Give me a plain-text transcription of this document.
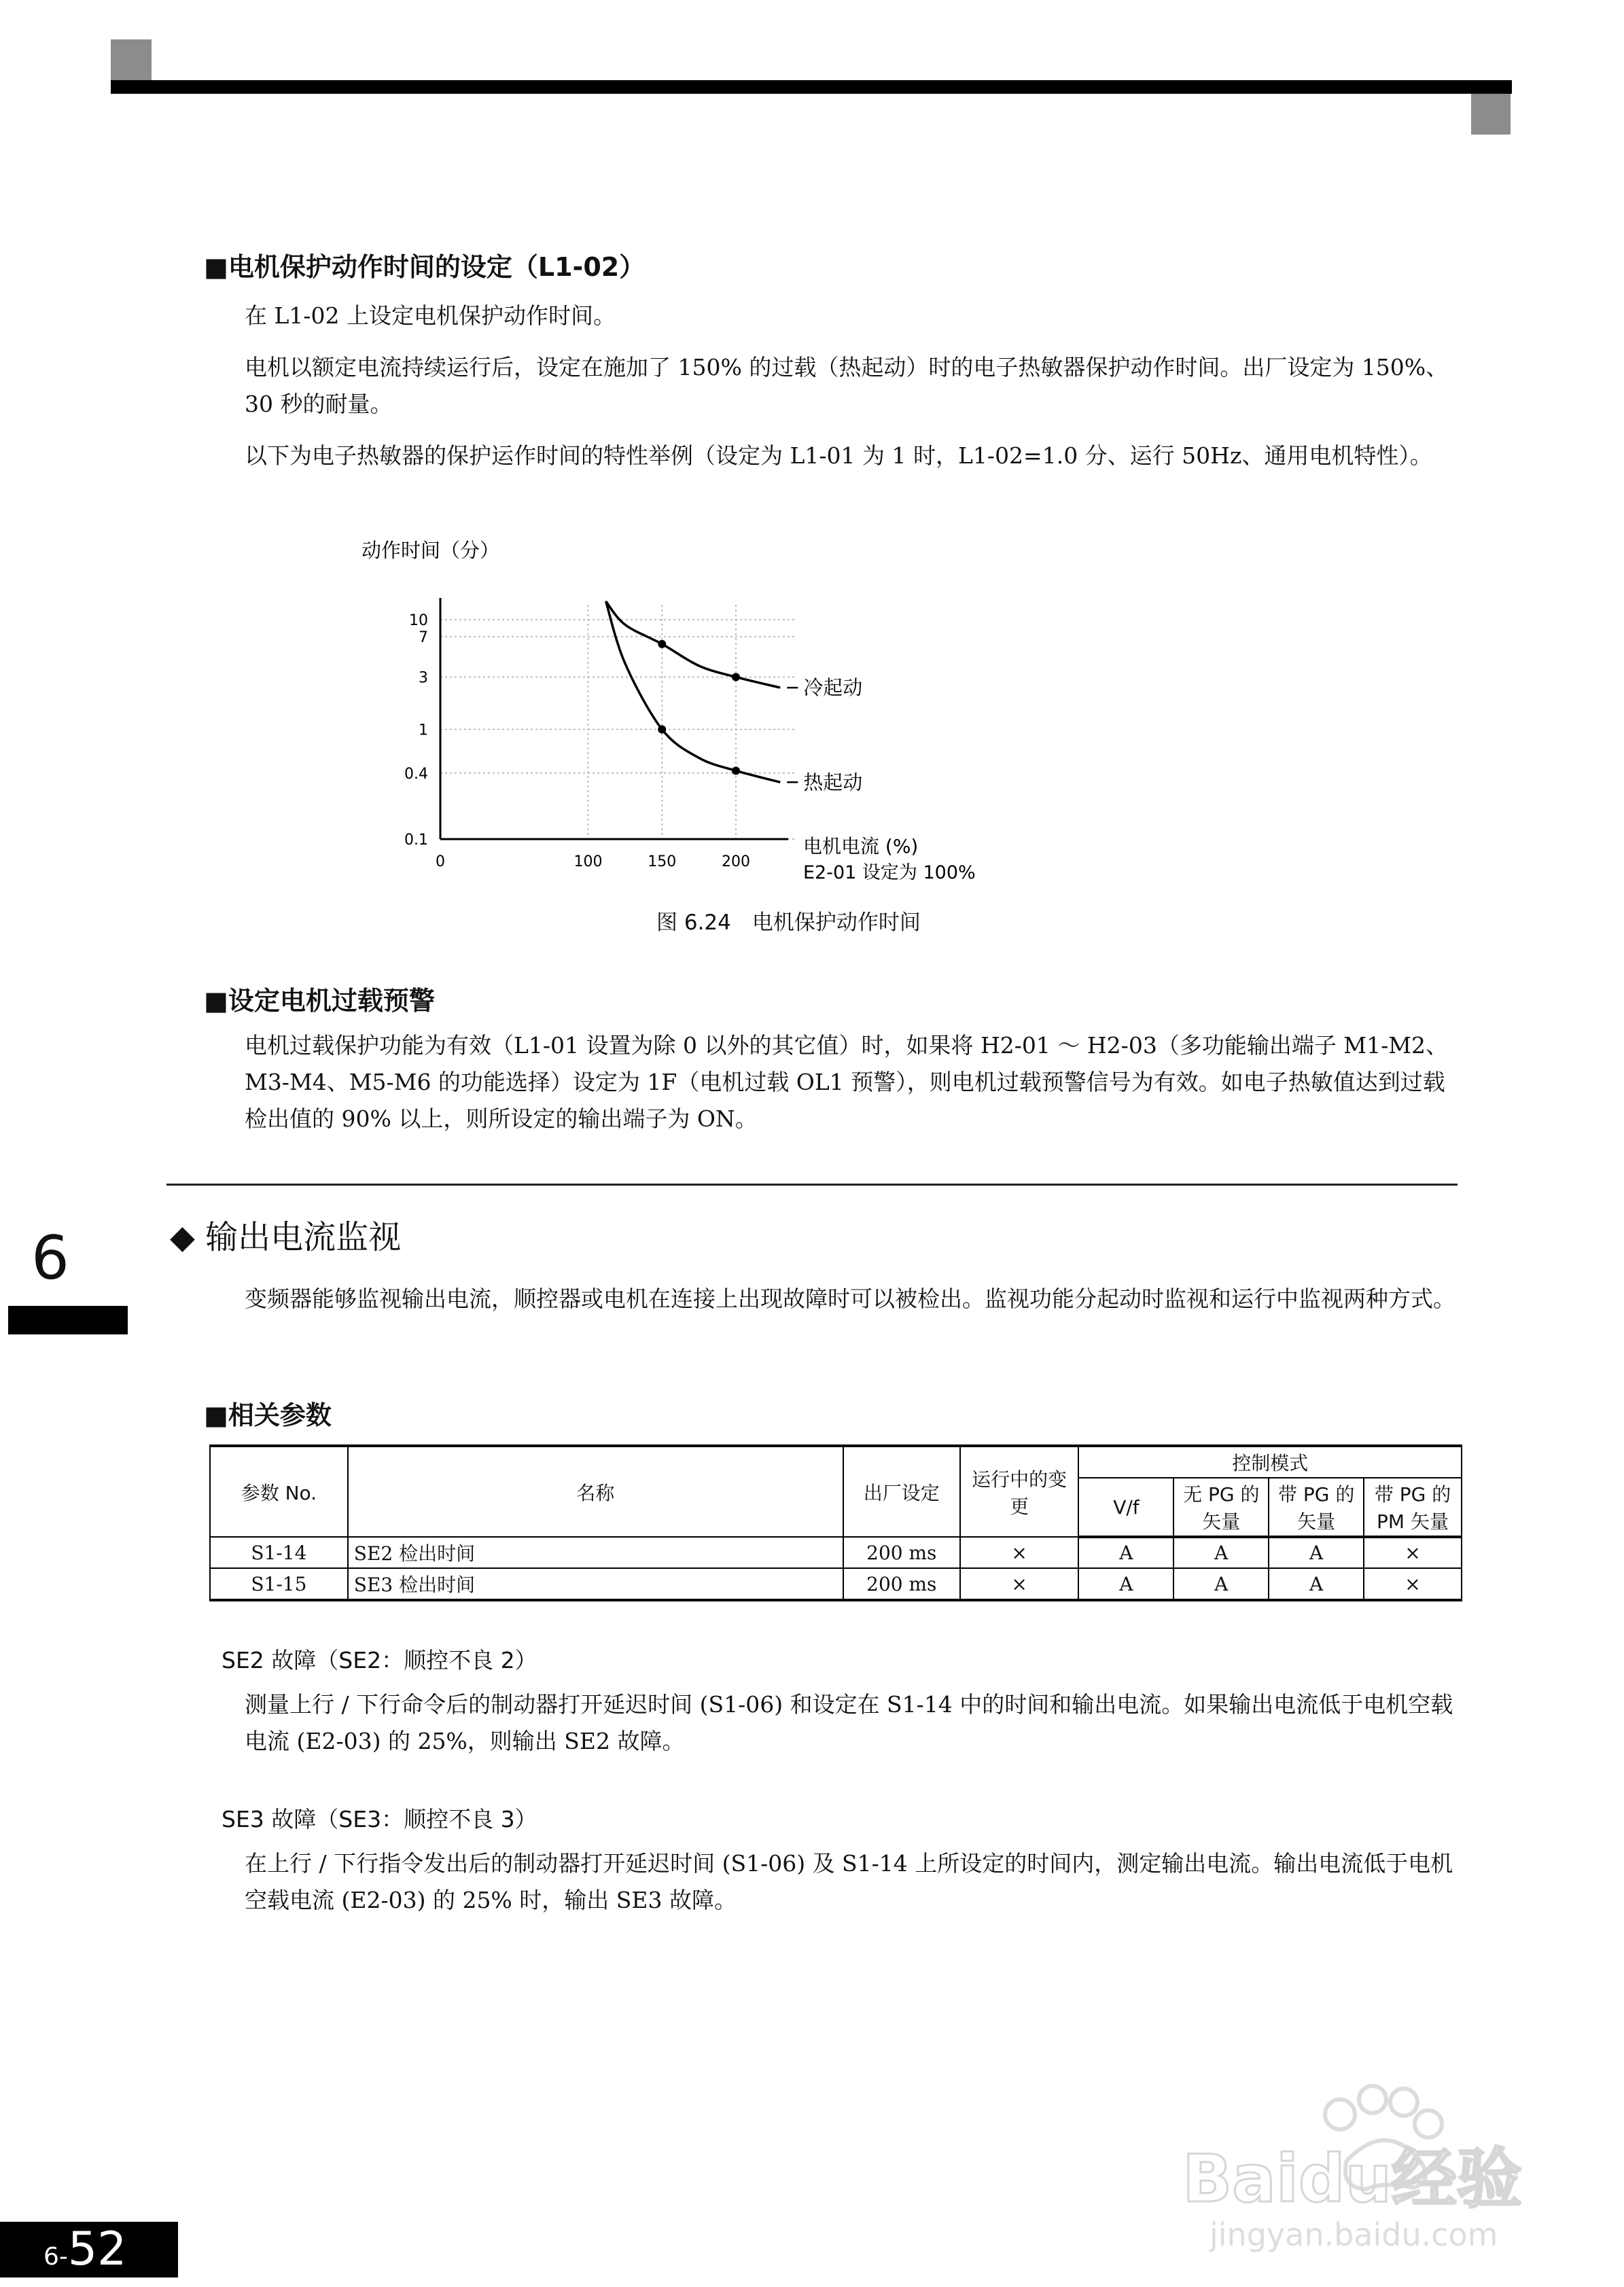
■电机保护动作时间的设定（L1-02）

在 L1-02 上设定电机保护动作时间。

电机以额定电流持续运行后，设定在施加了 150% 的过载（热起动）时的电子热敏器保护动作时间。出厂设定为 150%、30 秒的耐量。

以下为电子热敏器的保护运作时间的特性举例（设定为 L1-01 为 1 时，L1-02=1.0 分、运行 50Hz、通用电机特性）。

10
7
3
1
0.4
0.1
0	100	150	200
动作时间（分）
电机电流 (%)
E2-01 设定为 100%
冷起动
热起动
图 6.24　电机保护动作时间
■设定电机过载预警
电机过载保护功能为有效（L1-01 设置为除 0 以外的其它值）时，如果将 H2-01 ～ H2-03（多功能输出端子 M1-M2、M3-M4、M5-M6 的功能选择）设定为 1F（电机过载 OL1 预警），则电机过载预警信号为有效。如电子热敏值达到过载检出值的 90% 以上，则所设定的输出端子为 ON。
6	◆ 输出电流监视
变频器能够监视输出电流，顺控器或电机在连接上出现故障时可以被检出。监视功能分起动时监视和运行中监视两种方式。
■相关参数
参数 No.	名称	出厂设定	运行中的变更	控制模式			
				V/f	无 PG 的矢量	带 PG 的矢量	带 PG 的 PM 矢量
S1-14	SE2 检出时间	200 ms	×	A	A	A	×
S1-15	SE3 检出时间	200 ms	×	A	A	A	×
SE2 故障（SE2：顺控不良 2）
测量上行 / 下行命令后的制动器打开延迟时间 (S1-06) 和设定在 S1-14 中的时间和输出电流。如果输出电流低于电机空载电流 (E2-03) 的 25%，则输出 SE2 故障。
SE3 故障（SE3：顺控不良 3）
在上行 / 下行指令发出后的制动器打开延迟时间 (S1-06) 及 S1-14 上所设定的时间内，测定输出电流。输出电流低于电机空载电流 (E2-03) 的 25% 时，输出 SE3 故障。
Baidu经验
jingyan.baidu.com
6-52
